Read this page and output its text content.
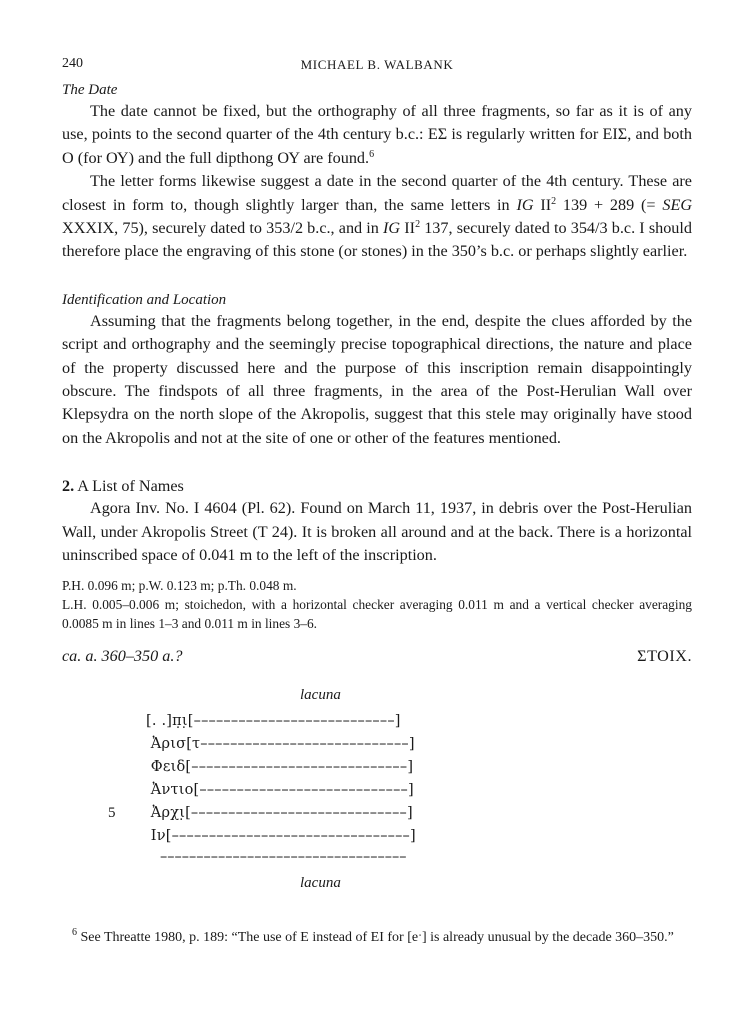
240	MICHAEL B. WALBANK

The Date

The date cannot be fixed, but the orthography of all three fragments, so far as it is of any use, points to the second quarter of the 4th century b.c.: ΕΣ is regularly written for ΕΙΣ, and both Ο (for ΟΥ) and the full dipthong ΟΥ are found.$^6$

The letter forms likewise suggest a date in the second quarter of the 4th century. These are closest in form to, though slightly larger than, the same letters in IG $II^2$ 139 + 289 (= SEG XXXIX, 75), securely dated to 353/2 b.c., and in IG $II^2$ 137, securely dated to 354/3 b.c. I should therefore place the engraving of this stone (or stones) in the 350’s b.c. or perhaps slightly earlier.

Identification and Location

Assuming that the fragments belong together, in the end, despite the clues afforded by the script and orthography and the seemingly precise topographical directions, the nature and place of the property discussed here and the purpose of this inscription remain disappointingly obscure. The findspots of all three fragments, in the area of the Post-Herulian Wall over Klepsydra on the north slope of the Akropolis, suggest that this stele may originally have stood on the Akropolis and not at the site of one or other of the features mentioned.

2. A List of Names

Agora Inv. No. I 4604 (Pl. 62). Found on March 11, 1937, in debris over the Post-Herulian Wall, under Akropolis Street (T 24). It is broken all around and at the back. There is a horizontal uninscribed space of 0.041 m to the left of the inscription.

P.H. 0.096 m; p.W. 0.123 m; p.Th. 0.048 m.

L.H. 0.005–0.006 m; stoichedon, with a horizontal checker averaging 0.011 m and a vertical checker averaging 0.0085 m in lines 1–3 and 0.011 m in lines 3–6.

ca. a. 360–350 a.?	ΣΤΟΙΧ.
lacuna
[. .]π̣ι̣[–––––––––––––––––––––––––––]
Ἀρισ[τ––––––––––––––––––––––––––––]
Φειδ[–––––––––––––––––––––––––––––]
Ἀντιο[––––––––––––––––––––––––––––]
5 Ἀρχι̣[–––––––––––––––––––––––––––––]
Ιν[––––––––––––––––––––––––––––––––]
––––––––––––––––––––––––––––––––––
lacuna

$^6$ See Threatte 1980, p. 189: “The use of Ε instead of ΕΙ for [eˑ] is already unusual by the decade 360–350.”
